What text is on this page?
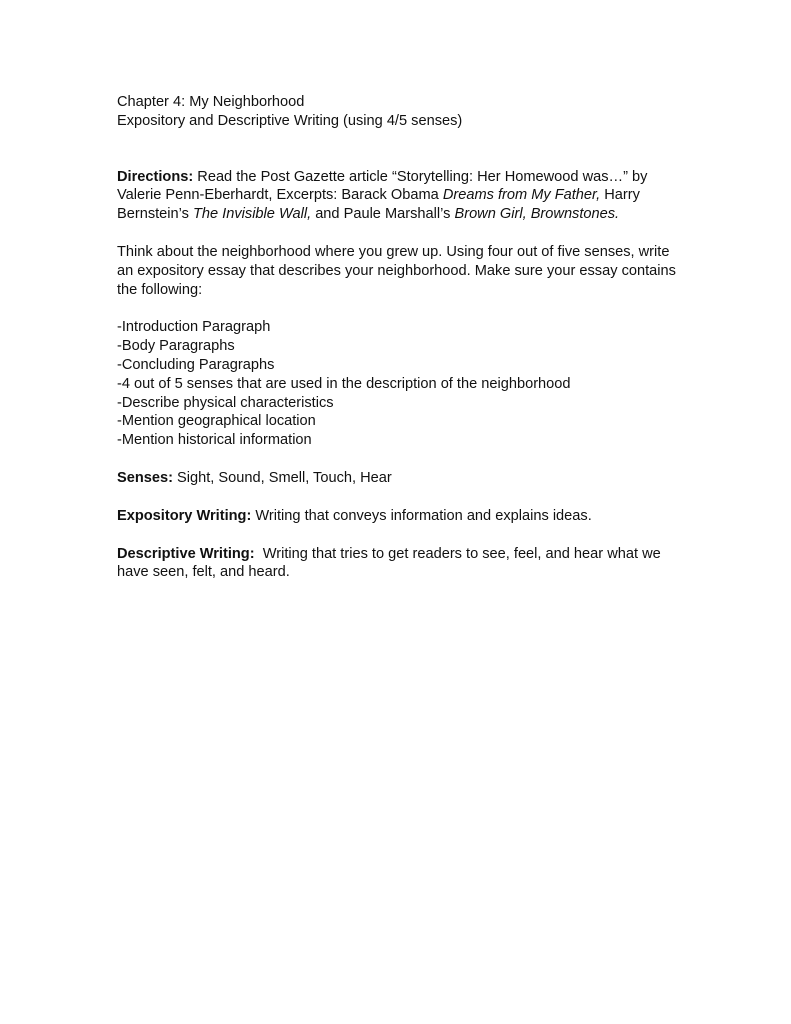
Chapter 4: My Neighborhood

Expository and Descriptive Writing (using 4/5 senses)

Directions: Read the Post Gazette article “Storytelling: Her Homewood was…” by Valerie Penn-Eberhardt, Excerpts: Barack Obama Dreams from My Father, Harry Bernstein’s The Invisible Wall, and Paule Marshall’s Brown Girl, Brownstones.

Think about the neighborhood where you grew up. Using four out of five senses, write an expository essay that describes your neighborhood. Make sure your essay contains the following:

-Introduction Paragraph
-Body Paragraphs
-Concluding Paragraphs
-4 out of 5 senses that are used in the description of the neighborhood
-Describe physical characteristics
-Mention geographical location
-Mention historical information

Senses: Sight, Sound, Smell, Touch, Hear

Expository Writing: Writing that conveys information and explains ideas.

Descriptive Writing:  Writing that tries to get readers to see, feel, and hear what we have seen, felt, and heard.
